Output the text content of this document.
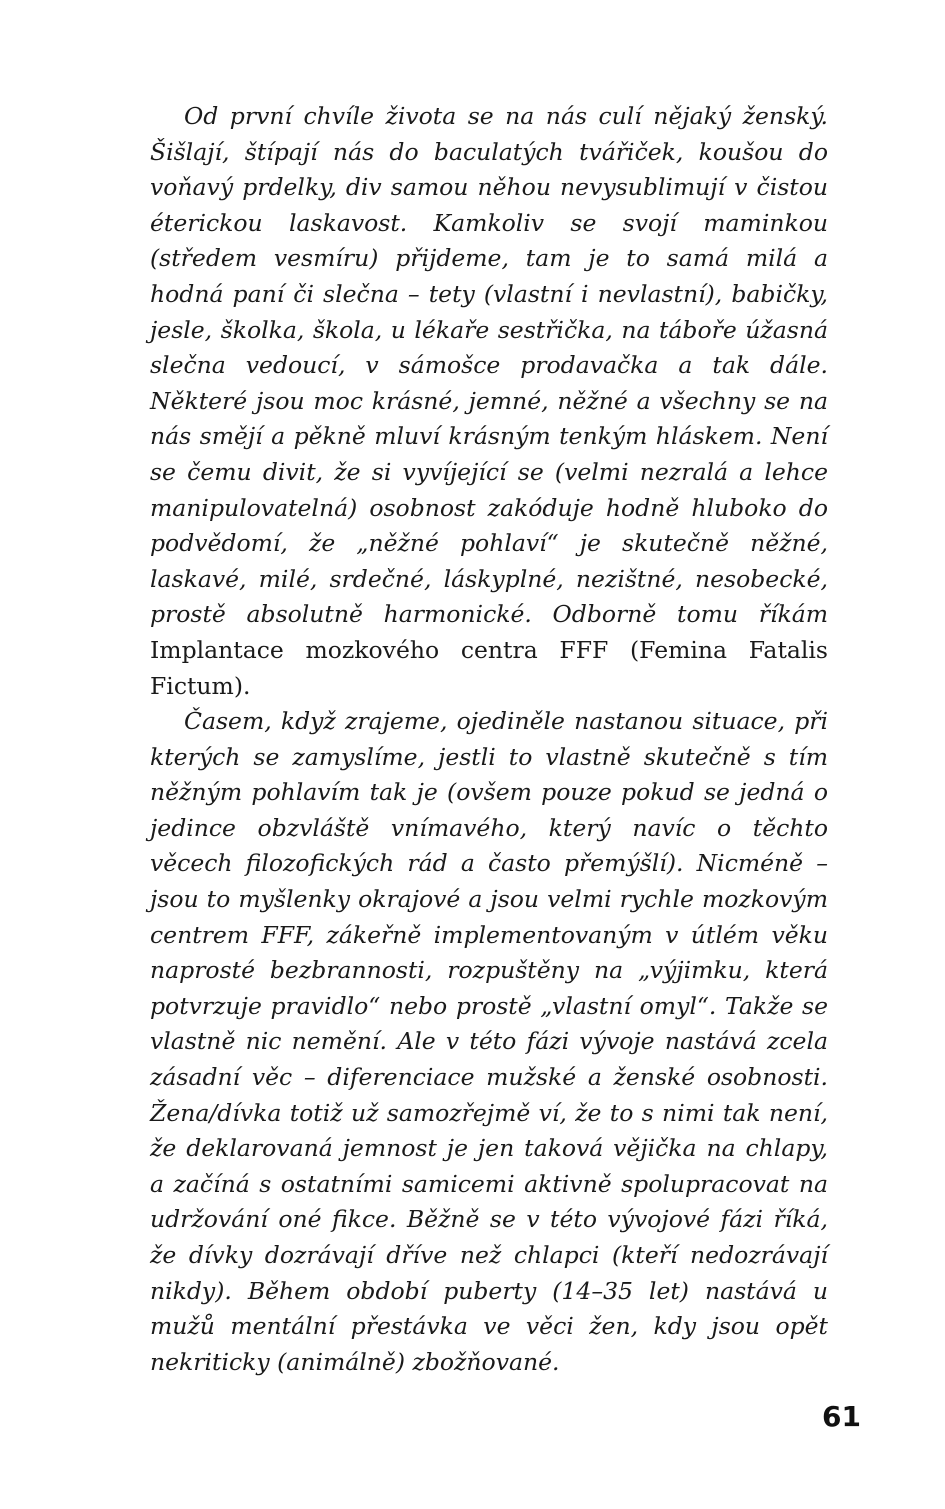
Od první chvíle života se na nás culí nějaký ženský. Šišlají, štípají nás do baculatých tvářiček, koušou do voňavý prdelky, div samou něhou nevysublimují v čistou éterickou laskavost. Kamkoliv se svojí maminkou (středem vesmíru) přijdeme, tam je to samá milá a hodná paní či slečna – tety (vlastní i nevlastní), babičky, jesle, školka, škola, u lékaře sestřička, na táboře úžasná slečna vedoucí, v sámošce prodavačka a tak dále. Některé jsou moc krásné, jemné, něžné a všechny se na nás smějí a pěkně mluví krásným tenkým hláskem. Není se čemu divit, že si vyvíjející se (velmi nezralá a lehce manipulovatelná) osobnost zakóduje hodně hluboko do podvědomí, že „něžné pohlaví“ je skutečně něžné, laskavé, milé, srdečné, láskyplné, nezištné, nesobecké, prostě absolutně harmonické. Odborně tomu říkám Implantace mozkového centra FFF (Femina Fatalis Fictum).

Časem, když zrajeme, ojediněle nastanou situace, při kterých se zamyslíme, jestli to vlastně skutečně s tím něžným pohlavím tak je (ovšem pouze pokud se jedná o jedince obzvláště vnímavého, který navíc o těchto věcech filozofických rád a často přemýšlí). Nicméně – jsou to myšlenky okrajové a jsou velmi rychle mozkovým centrem FFF, zákeřně implementovaným v útlém věku naprosté bezbrannosti, rozpuštěny na „výjimku, která potvrzuje pravidlo“ nebo prostě „vlastní omyl“. Takže se vlastně nic nemění. Ale v této fázi vývoje nastává zcela zásadní věc – diferenciace mužské a ženské osobnosti. Žena/dívka totiž už samozřejmě ví, že to s nimi tak není, že deklarovaná jemnost je jen taková vějička na chlapy, a začíná s ostatními samicemi aktivně spolupracovat na udržování oné fikce. Běžně se v této vývojové fázi říká, že dívky dozrávají dříve než chlapci (kteří nedozrávají nikdy). Během období puberty (14–35 let) nastává u mužů mentální přestávka ve věci žen, kdy jsou opět nekriticky (animálně) zbožňované.

61
